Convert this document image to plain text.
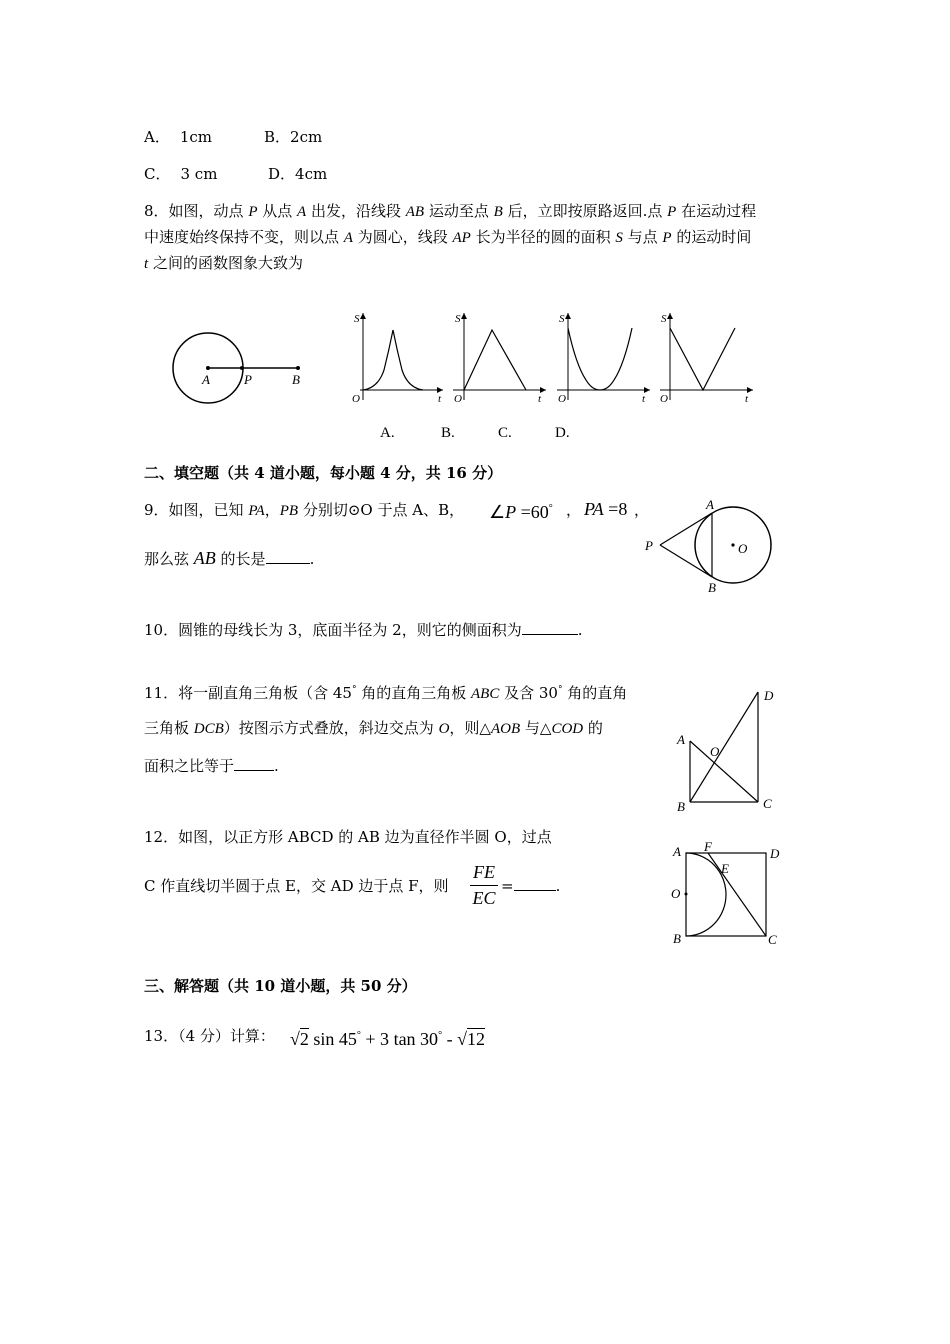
A． 1cm	B．2cm
C． 3 cm	D．4cm
8．如图，动点 P 从点 A 出发，沿线段 AB 运动至点 B 后，立即按原路返回.点 P 在运动过程
中速度始终保持不变，则以点 A 为圆心，线段 AP 长为半径的圆的面积 S 与点 P 的运动时间
t 之间的函数图象大致为
A	P	B
S
t
O
S
t
O
S
t
O
S
t
O
A.	B.	C.	D.
二、填空题（共 4 道小题，每小题 4 分，共 16 分）
9．如图，已知 PA，PB 分别切⊙O 于点 A、B， ∠P =60° ， PA =8 ，
那么弦 AB 的长是	.
A
B
P	O
10．圆锥的母线长为 3，底面半径为 2，则它的侧面积为	.
11．将一副直角三角板（含 45° 角的直角三角板 ABC 及含 30° 角的直角
三角板 DCB）按图示方式叠放，斜边交点为 O，则△AOB 与△COD 的
面积之比等于	.
A
B	C
D
O
12．如图，以正方形 ABCD 的 AB 边为直径作半圆 O，过点
C 作直线切半圆于点 E，交 AD 边于点 F，则
FE
EC
=	.
A
B	C
D
E
F
O
三、解答题（共 10 道小题，共 50 分）
13．（4 分）计算： √2 sin 45° + 3 tan 30° - √12
